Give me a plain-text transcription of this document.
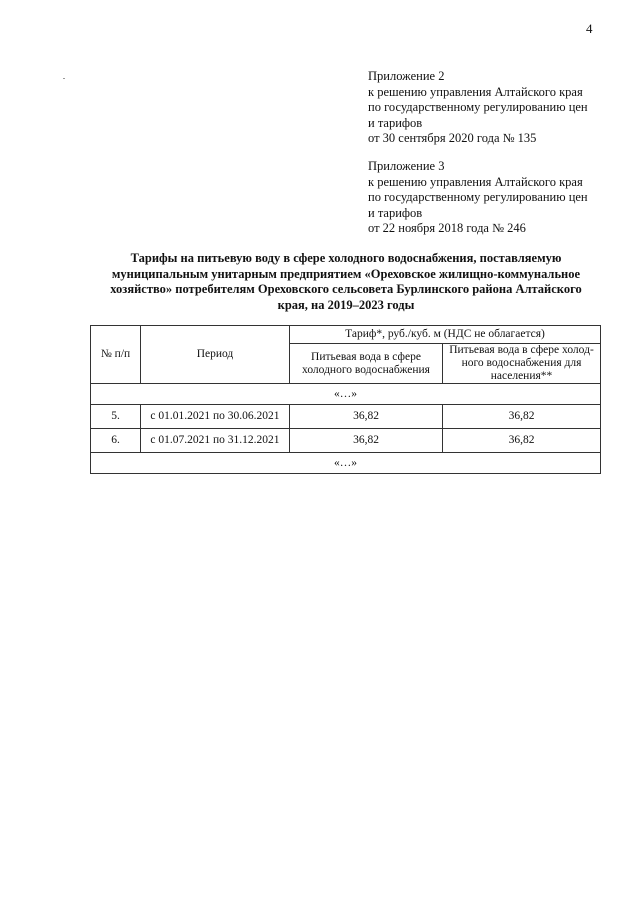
4
Приложение 2
к решению управления Алтайского края
по государственному регулированию цен
и тарифов
от 30 сентября 2020 года № 135
Приложение 3
к решению управления Алтайского края
по государственному регулированию цен
и тарифов
от 22 ноября 2018 года № 246
Тарифы на питьевую воду в сфере холодного водоснабжения, поставляемую
муниципальным унитарным предприятием «Ореховское жилищно-коммунальное
хозяйство» потребителям Ореховского сельсовета Бурлинского района Алтайского
края, на 2019–2023 годы
№ п/п	Период	Тариф*, руб./куб. м (НДС не облагается)	
		Питьевая вода в сфере холодного водоснабжения	Питьевая вода в сфере холод-
ного водоснабжения для
населения**

«…»			
5.	с 01.01.2021 по 30.06.2021	36,82	36,82
6.	с 01.07.2021 по 31.12.2021	36,82	36,82
«…»			
